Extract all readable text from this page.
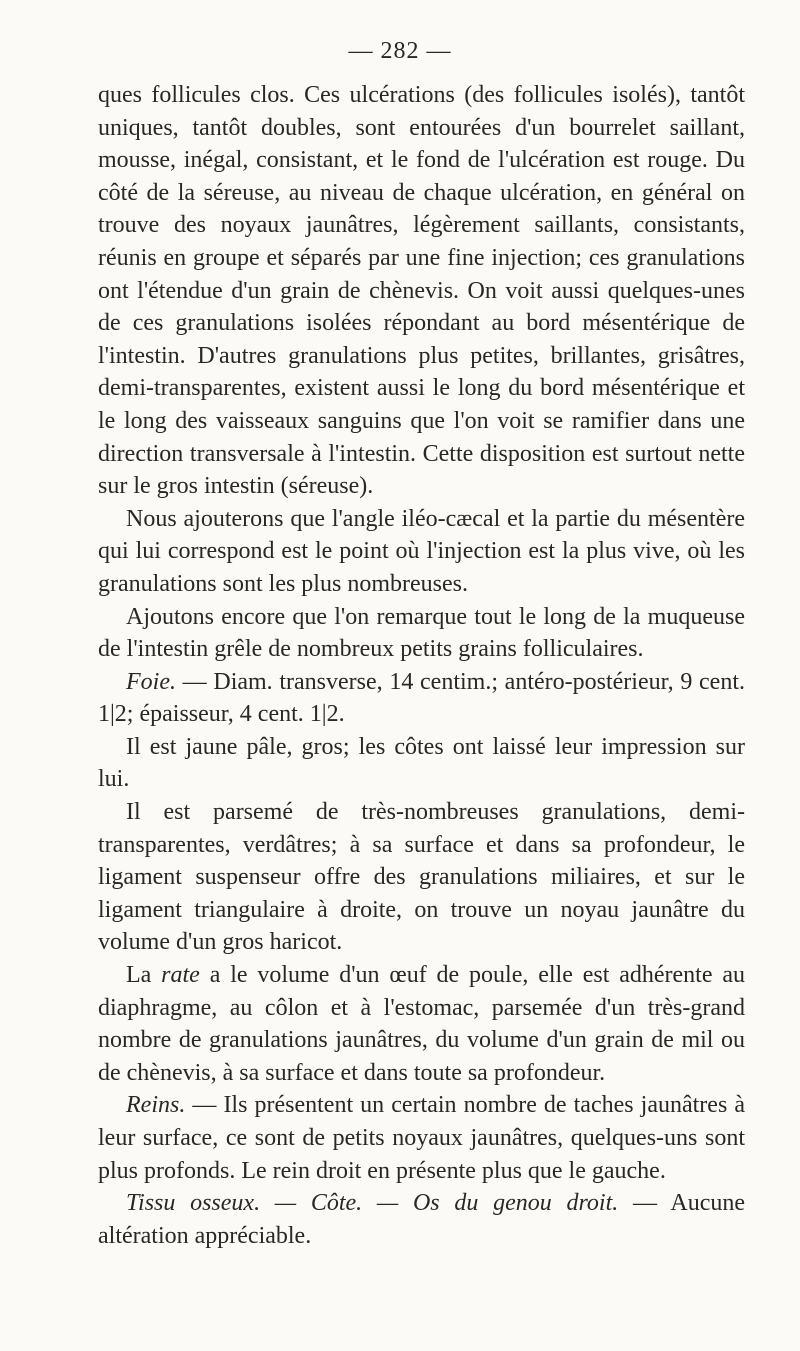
— 282 —

ques follicules clos. Ces ulcérations (des follicules isolés), tantôt uniques, tantôt doubles, sont entourées d'un bourrelet saillant, mousse, inégal, consistant, et le fond de l'ulcération est rouge. Du côté de la séreuse, au niveau de chaque ulcération, en général on trouve des noyaux jaunâtres, légèrement saillants, consistants, réunis en groupe et séparés par une fine injection; ces granulations ont l'étendue d'un grain de chènevis. On voit aussi quelques-unes de ces granulations isolées répondant au bord mésentérique de l'intestin. D'autres granulations plus petites, brillantes, grisâtres, demi-transparentes, existent aussi le long du bord mésentérique et le long des vaisseaux sanguins que l'on voit se ramifier dans une direction transversale à l'intestin. Cette disposition est surtout nette sur le gros intestin (séreuse).

Nous ajouterons que l'angle iléo-cæcal et la partie du mésentère qui lui correspond est le point où l'injection est la plus vive, où les granulations sont les plus nombreuses.

Ajoutons encore que l'on remarque tout le long de la muqueuse de l'intestin grêle de nombreux petits grains folliculaires.

Foie. — Diam. transverse, 14 centim.; antéro-postérieur, 9 cent. 1|2; épaisseur, 4 cent. 1|2.

Il est jaune pâle, gros; les côtes ont laissé leur impression sur lui.

Il est parsemé de très-nombreuses granulations, demi-transparentes, verdâtres; à sa surface et dans sa profondeur, le ligament suspenseur offre des granulations miliaires, et sur le ligament triangulaire à droite, on trouve un noyau jaunâtre du volume d'un gros haricot.

La rate a le volume d'un œuf de poule, elle est adhérente au diaphragme, au côlon et à l'estomac, parsemée d'un très-grand nombre de granulations jaunâtres, du volume d'un grain de mil ou de chènevis, à sa surface et dans toute sa profondeur.

Reins. — Ils présentent un certain nombre de taches jaunâtres à leur surface, ce sont de petits noyaux jaunâtres, quelques-uns sont plus profonds. Le rein droit en présente plus que le gauche.

Tissu osseux. — Côte. — Os du genou droit. — Aucune altération appréciable.
